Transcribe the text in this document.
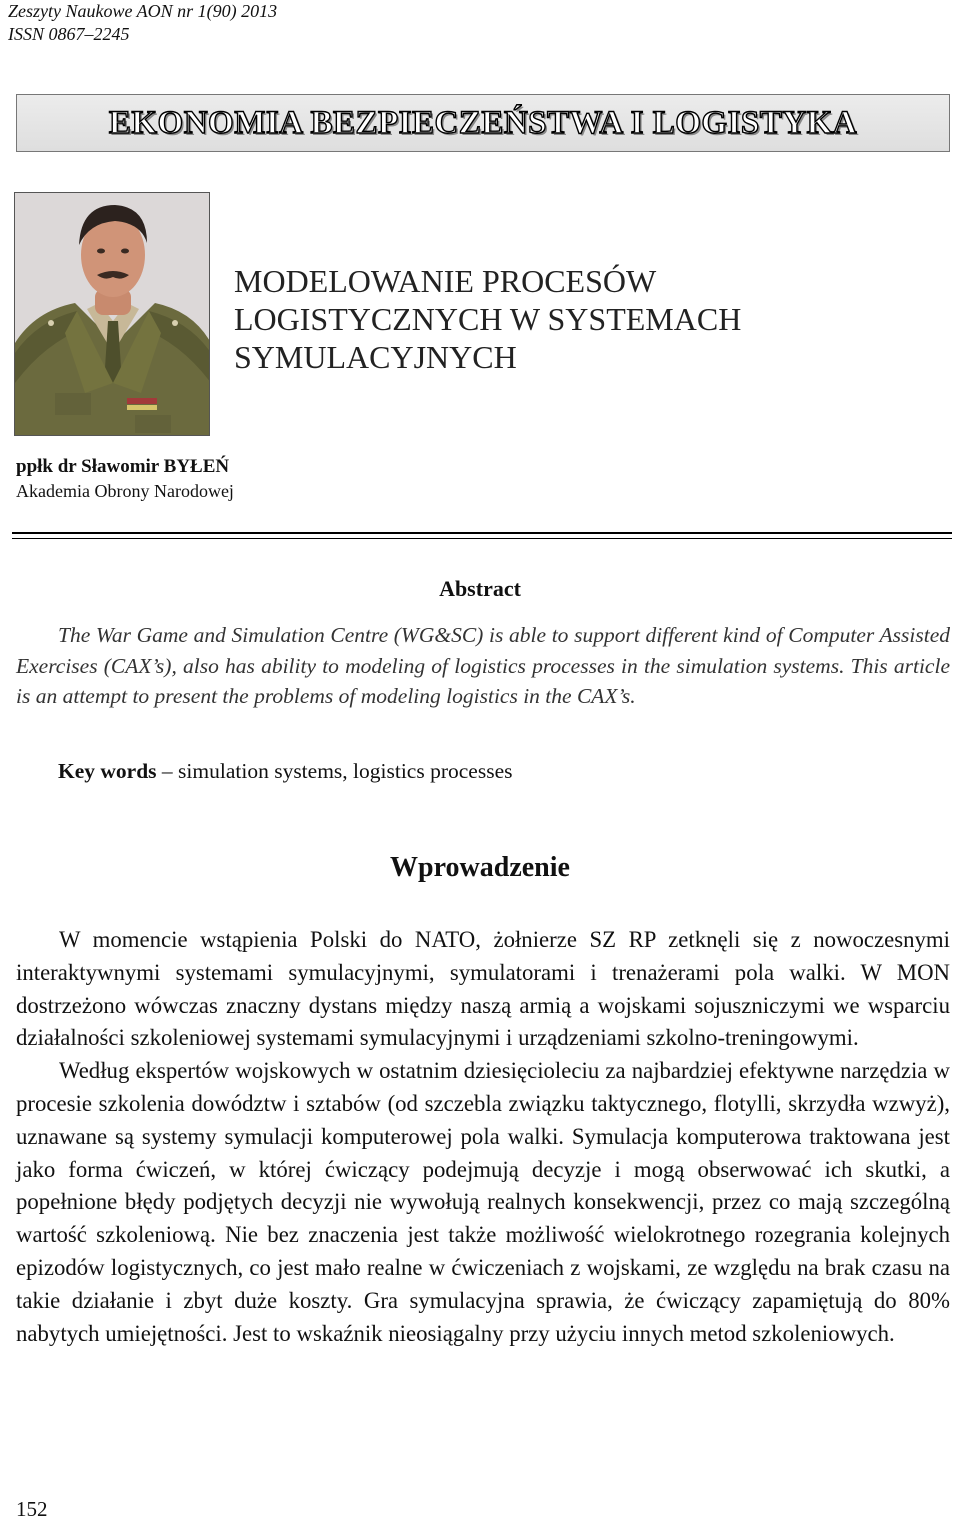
Zeszyty Naukowe AON nr 1(90) 2013
ISSN 0867–2245
EKONOMIA BEZPIECZEŃSTWA I LOGISTYKA
MODELOWANIE PROCESÓW
LOGISTYCZNYCH W SYSTEMACH
SYMULACYJNYCH
ppłk dr Sławomir BYŁEŃ
Akademia Obrony Narodowej
Abstract

The War Game and Simulation Centre (WG&SC) is able to support different kind of Computer Assisted Exercises (CAX’s), also has ability to modeling of logistics processes in the simulation systems. This article is an attempt to present the problems of modeling logistics in the CAX’s.

Key words – simulation systems, logistics processes
Wprowadzenie

W momencie wstąpienia Polski do NATO, żołnierze SZ RP zetknęli się z nowoczesnymi interaktywnymi systemami symulacyjnymi, symulatorami i trenażerami pola walki. W MON dostrzeżono wówczas znaczny dystans między naszą armią a wojskami sojuszniczymi we wsparciu działalności szkoleniowej systemami symulacyjnymi i urządzeniami szkolno-treningowymi.

Według ekspertów wojskowych w ostatnim dziesięcioleciu za najbardziej efektywne narzędzia w procesie szkolenia dowództw i sztabów (od szczebla związku taktycznego, flotylli, skrzydła wzwyż), uznawane są systemy symulacji komputerowej pola walki. Symulacja komputerowa traktowana jest jako forma ćwiczeń, w której ćwiczący podejmują decyzje i mogą obserwować ich skutki, a popełnione błędy podjętych decyzji nie wywołują realnych konsekwencji, przez co mają szczególną wartość szkoleniową. Nie bez znaczenia jest także możliwość wielokrotnego rozegrania kolejnych epizodów logistycznych, co jest mało realne w ćwiczeniach z wojskami, ze względu na brak czasu na takie działanie i zbyt duże koszty. Gra symulacyjna sprawia, że ćwiczący zapamiętują do 80% nabytych umiejętności. Jest to wskaźnik nieosiągalny przy użyciu innych metod szkoleniowych.

152
